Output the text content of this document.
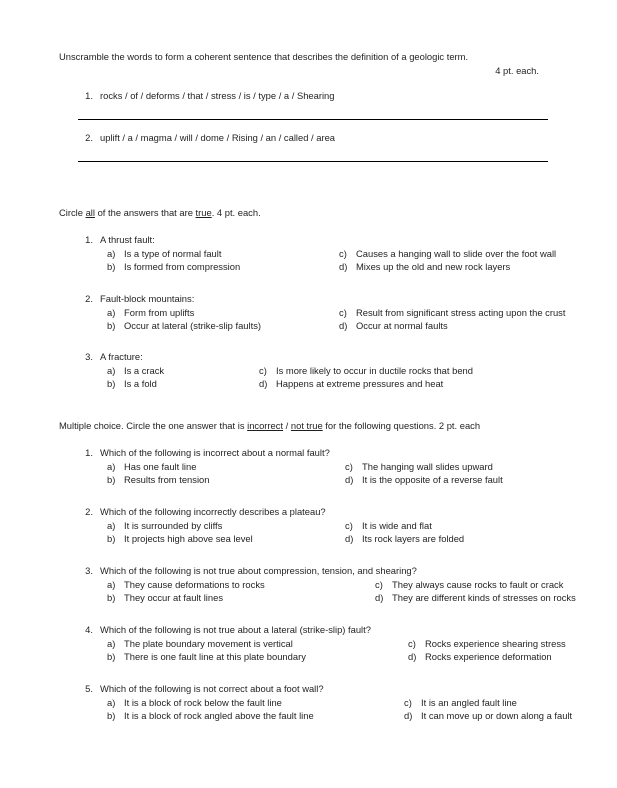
Unscramble the words to form a coherent sentence that describes the definition of a geologic term.

4 pt. each.

1. rocks / of / deforms / that / stress / is / type / a / Shearing
2. uplift / a / magma / will / dome / Rising / an / called / area
Circle all of the answers that are true. 4 pt. each.
1. A thrust fault:
a) Is a type of normal fault	c) Causes a hanging wall to slide over the foot wall
b) Is formed from compression	d) Mixes up the old and new rock layers
2. Fault-block mountains:
a) Form from uplifts	c) Result from significant stress acting upon the crust
b) Occur at lateral (strike-slip faults)	d) Occur at normal faults
3. A fracture:
a) Is a crack	c) Is more likely to occur in ductile rocks that bend
b) Is a fold	d) Happens at extreme pressures and heat
Multiple choice. Circle the one answer that is incorrect / not true for the following questions. 2 pt. each
1. Which of the following is incorrect about a normal fault?
a) Has one fault line	c) The hanging wall slides upward
b) Results from tension	d) It is the opposite of a reverse fault
2. Which of the following incorrectly describes a plateau?
a) It is surrounded by cliffs	c) It is wide and flat
b) It projects high above sea level	d) Its rock layers are folded
3. Which of the following is not true about compression, tension, and shearing?
a) They cause deformations to rocks	c) They always cause rocks to fault or crack
b) They occur at fault lines	d) They are different kinds of stresses on rocks
4. Which of the following is not true about a lateral (strike-slip) fault?
a) The plate boundary movement is vertical	c) Rocks experience shearing stress
b) There is one fault line at this plate boundary	d) Rocks experience deformation
5. Which of the following is not correct about a foot wall?
a) It is a block of rock below the fault line	c) It is an angled fault line
b) It is a block of rock angled above the fault line	d) It can move up or down along a fault
